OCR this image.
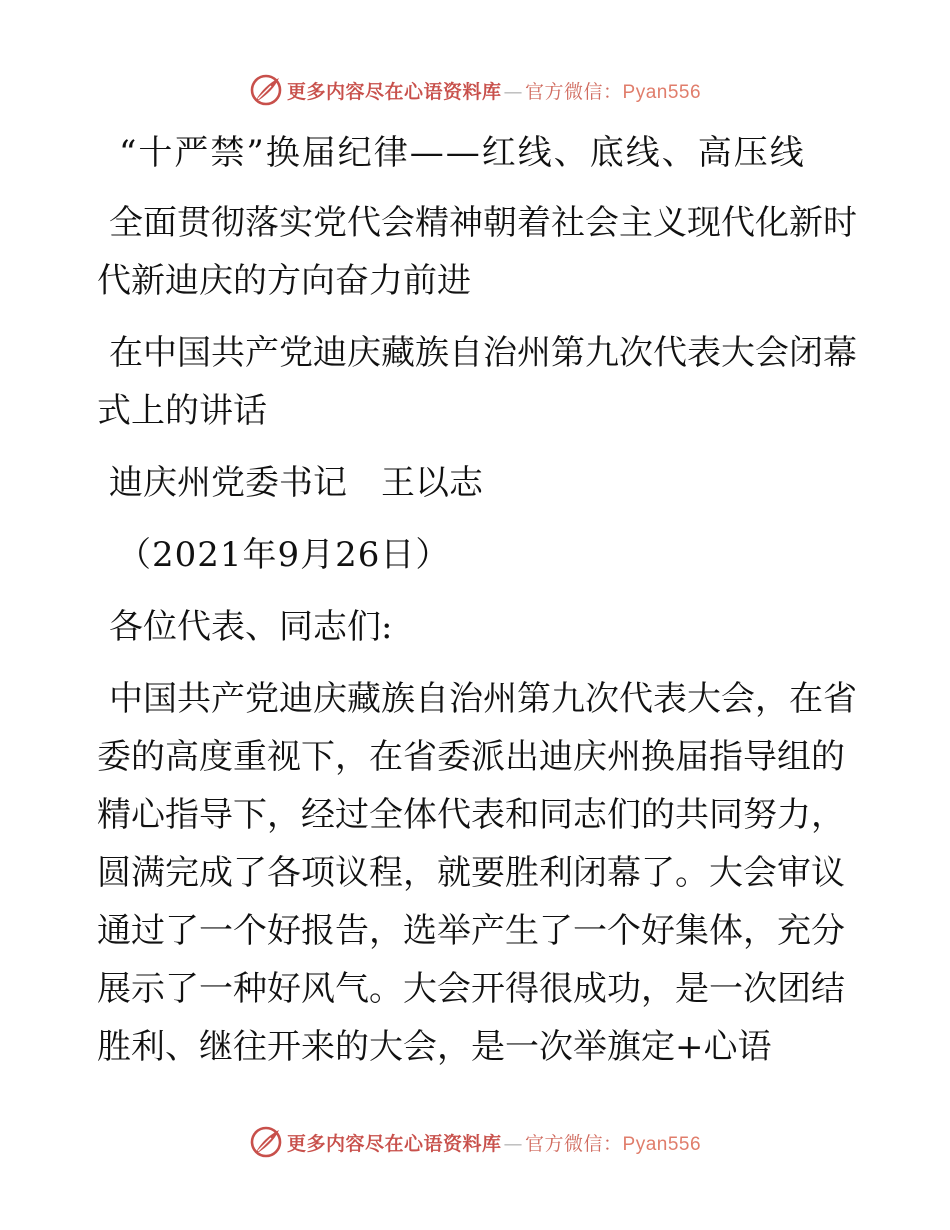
更多内容尽在心语资料库 — 官方微信：Pyan556

“十严禁”换届纪律——红线、底线、高压线

全面贯彻落实党代会精神朝着社会主义现代化新时代新迪庆的方向奋力前进

在中国共产党迪庆藏族自治州第九次代表大会闭幕式上的讲话

迪庆州党委书记 王以志

（2021年9月26日）

各位代表、同志们:

中国共产党迪庆藏族自治州第九次代表大会，在省委的高度重视下，在省委派出迪庆州换届指导组的精心指导下，经过全体代表和同志们的共同努力，圆满完成了各项议程，就要胜利闭幕了。大会审议通过了一个好报告，选举产生了一个好集体，充分展示了一种好风气。大会开得很成功，是一次团结胜利、继往开来的大会，是一次举旗定+心语

更多内容尽在心语资料库 — 官方微信：Pyan556
